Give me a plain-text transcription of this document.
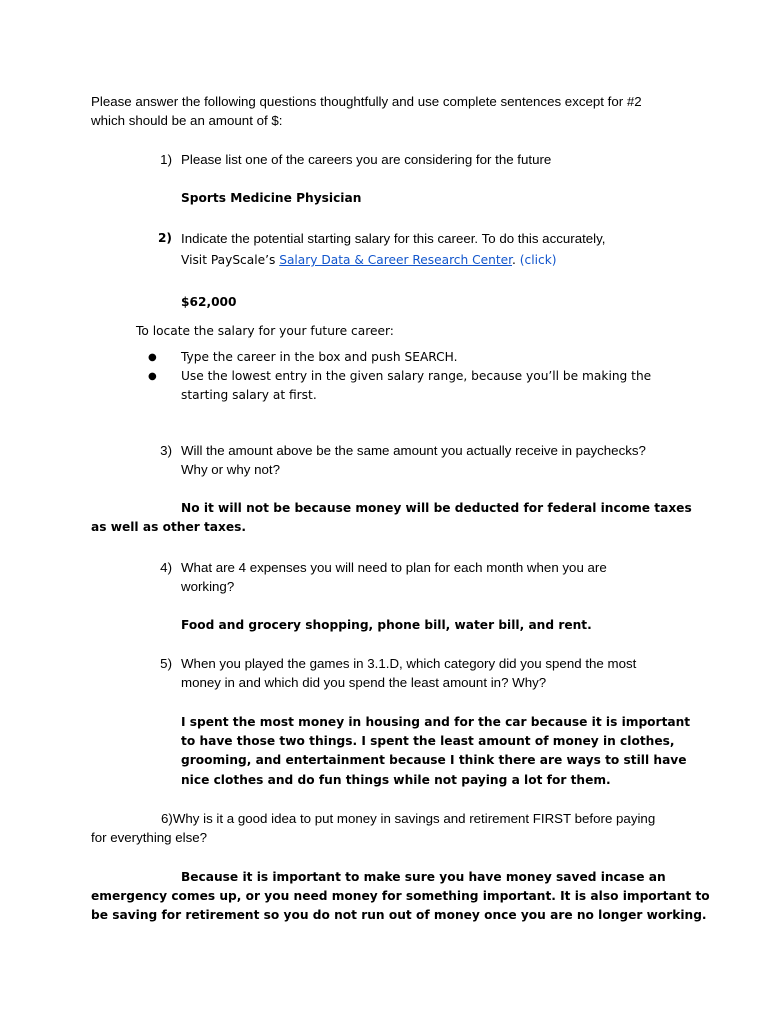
Please answer the following questions thoughtfully and use complete sentences except for #2
which should be an amount of $:
1) Please list one of the careers you are considering for the future
Sports Medicine Physician
2) Indicate the potential starting salary for this career. To do this accurately,
Visit PayScale’s Salary Data & Career Research Center. (click)
$62,000
To locate the salary for your future career:
● Type the career in the box and push SEARCH.
● Use the lowest entry in the given salary range, because you’ll be making the
starting salary at first.
3) Will the amount above be the same amount you actually receive in paychecks?
Why or why not?
No it will not be because money will be deducted for federal income taxes
as well as other taxes.
4) What are 4 expenses you will need to plan for each month when you are
working?
Food and grocery shopping, phone bill, water bill, and rent.
5) When you played the games in 3.1.D, which category did you spend the most
money in and which did you spend the least amount in? Why?
I spent the most money in housing and for the car because it is important
to have those two things. I spent the least amount of money in clothes,
grooming, and entertainment because I think there are ways to still have
nice clothes and do fun things while not paying a lot for them.
6)Why is it a good idea to put money in savings and retirement FIRST before paying
for everything else?
Because it is important to make sure you have money saved incase an
emergency comes up, or you need money for something important. It is also important to
be saving for retirement so you do not run out of money once you are no longer working.
